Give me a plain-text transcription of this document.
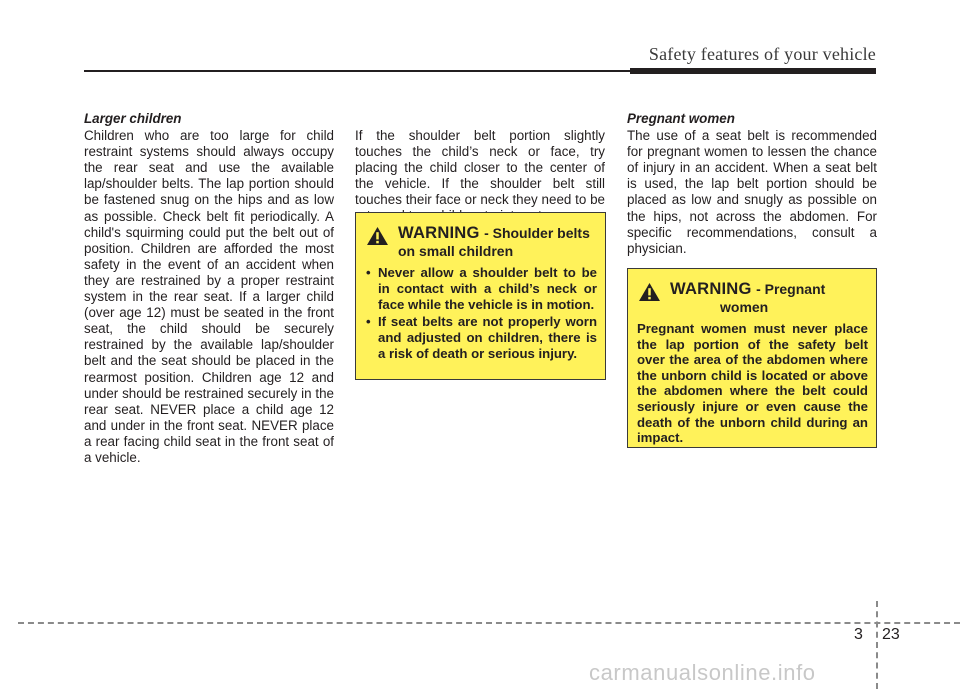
Safety features of your vehicle
Larger children

Children who are too large for child restraint systems should always occupy the rear seat and use the available lap/shoulder belts. The lap portion should be fastened snug on the hips and as low as possible. Check belt fit periodically. A child's squirming could put the belt out of position. Children are afforded the most safety in the event of an accident when they are restrained by a proper restraint system in the rear seat. If a larger child (over age 12) must be seated in the front seat, the child should be securely restrained by the available lap/shoulder belt and the seat should be placed in the rearmost position. Children age 12 and under should be restrained securely in the rear seat. NEVER place a child age 12 and under in the front seat. NEVER place a rear facing child seat in the front seat of a vehicle.

If the shoulder belt portion slightly touches the child’s neck or face, try placing the child closer to the center of the vehicle. If the shoulder belt still touches their face or neck they need to be

WARNING - Shoulder belts
on small children
• Never allow a shoulder belt to be in contact with a child’s neck or face while the vehicle is in motion.
• If seat belts are not properly worn and adjusted on children, there is a risk of death or serious injury.
Pregnant women

The use of a seat belt is recommended for pregnant women to lessen the chance of injury in an accident. When a seat belt is used, the lap belt portion should be placed as low and snugly as possible on the hips, not across the abdomen. For specific recommendations, consult a physician.

WARNING - Pregnant
women

Pregnant women must never place the lap portion of the safety belt over the area of the abdomen where the unborn child is located or above the abdomen where the belt could seriously injure or even cause the death of the unborn child during an impact.

3 23
carmanualsonline.info
